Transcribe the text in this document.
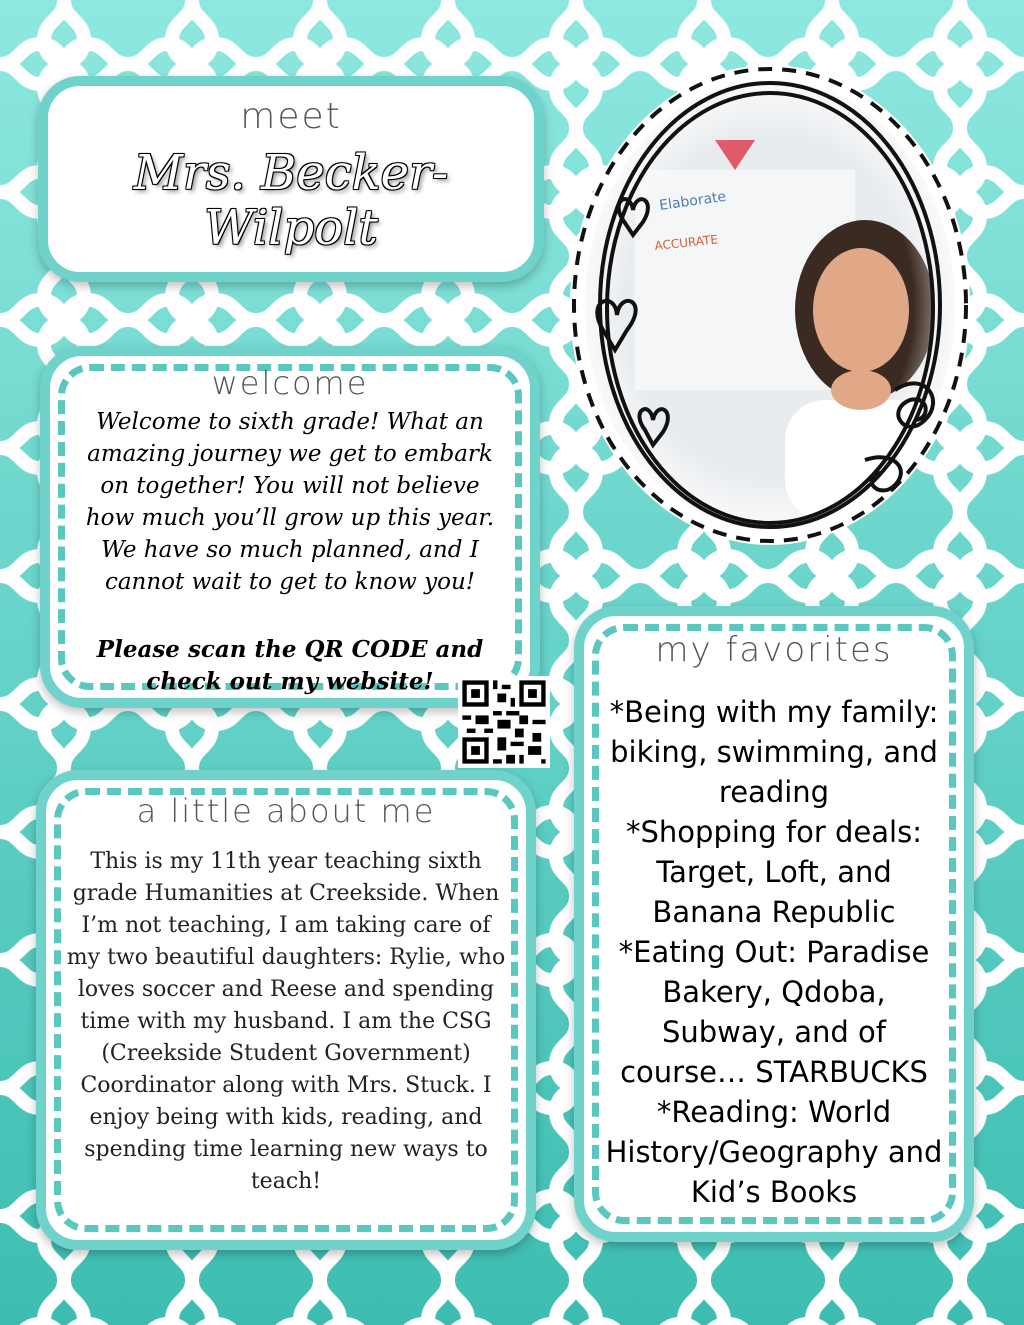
meet
Mrs. Becker-Wilpolt
welcome
Welcome to sixth grade! What an amazing journey we get to embark on together! You will not believe how much you’ll grow up this year. We have so much planned, and I cannot wait to get to know you!
Please scan the QR CODE and check out my website!
a little about me
This is my 11th year teaching sixth grade Humanities at Creekside. When I’m not teaching, I am taking care of my two beautiful daughters: Rylie, who loves soccer and Reese and spending time with my husband. I am the CSG (Creekside Student Government) Coordinator along with Mrs. Stuck. I enjoy being with kids, reading, and spending time learning new ways to teach!
my favorites
*Being with my family: biking, swimming, and reading
*Shopping for deals: Target, Loft, and Banana Republic
*Eating Out: Paradise Bakery, Qdoba, Subway, and of course… STARBUCKS
*Reading: World History/Geography and Kid’s Books
